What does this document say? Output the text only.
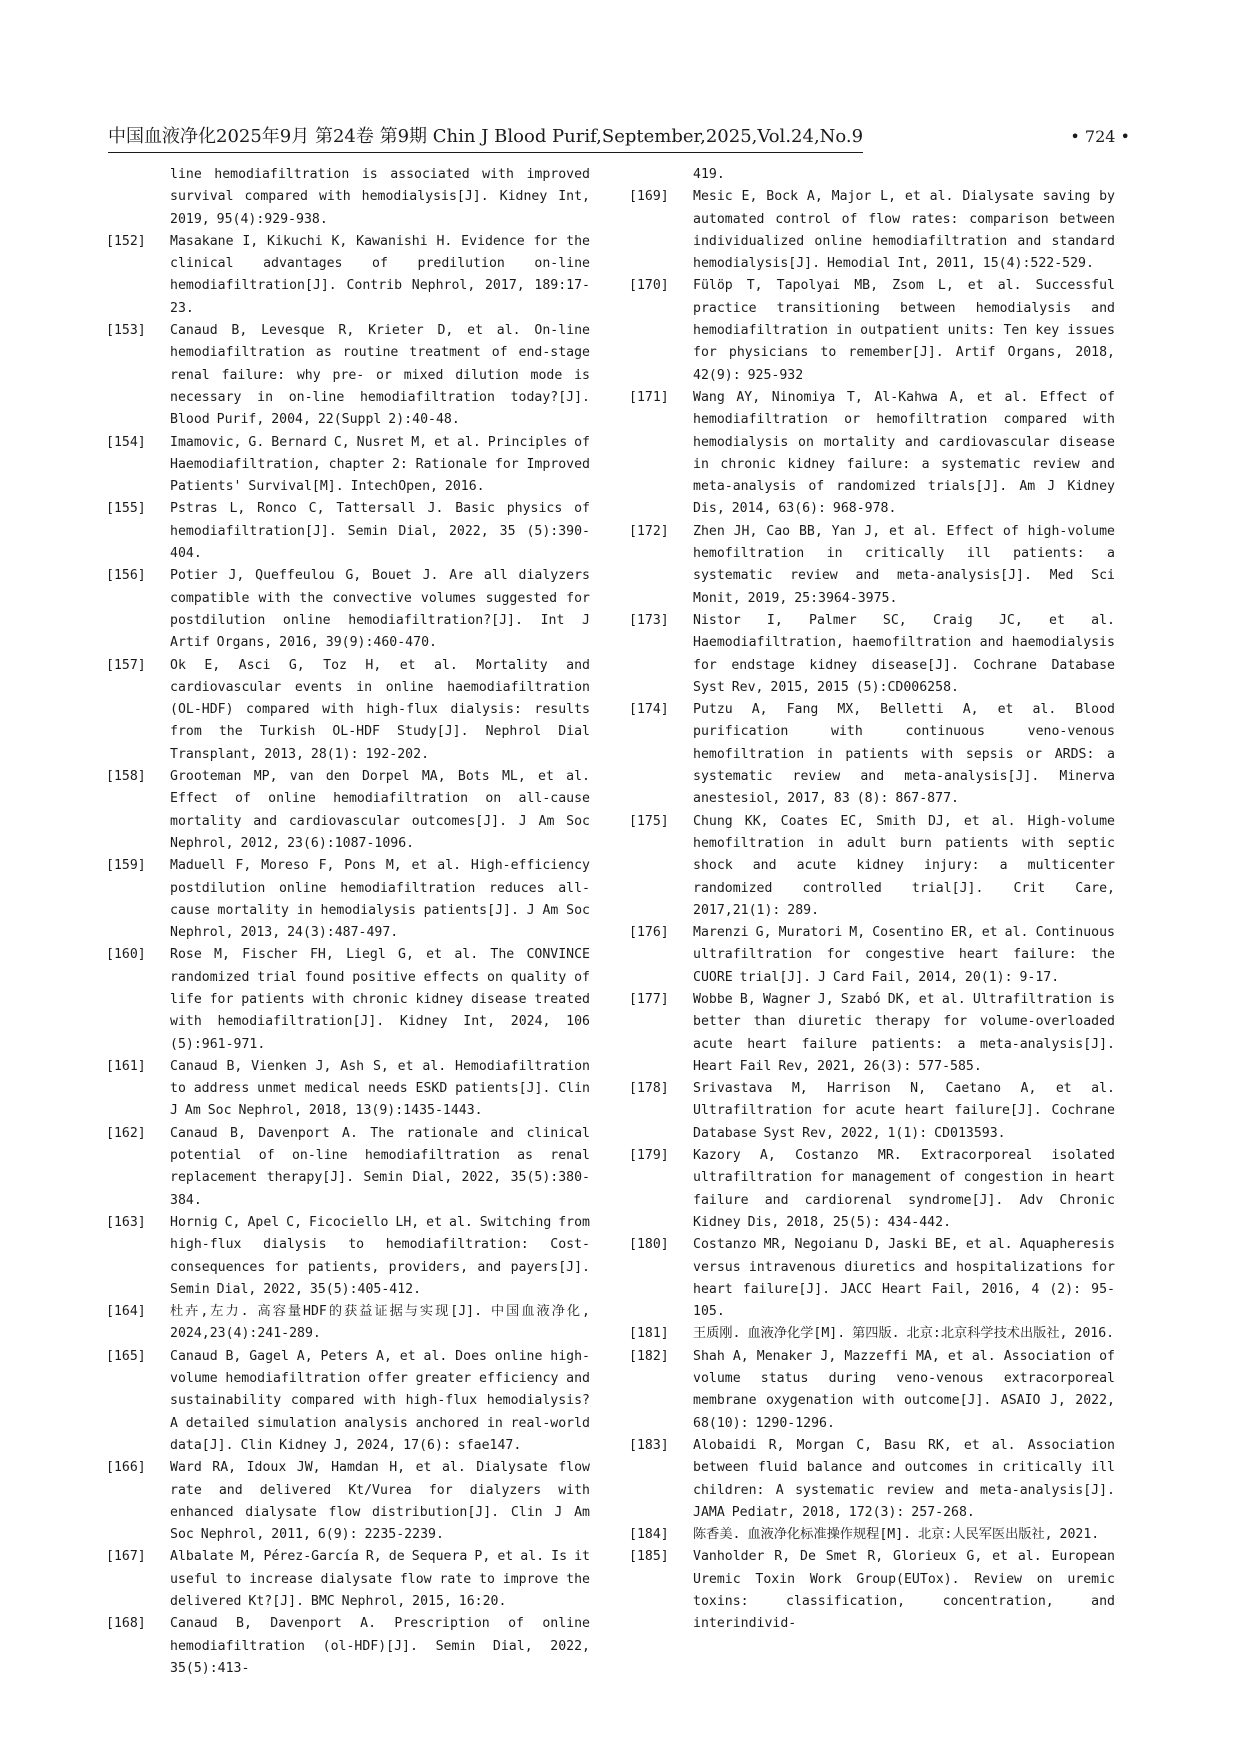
中国血液净化2025年9月 第24卷 第9期 Chin J Blood Purif,September,2025,Vol.24,No.9	• 724 •
line hemodiafiltration is associated with improved survival compared with hemodialysis[J]. Kidney Int, 2019, 95(4):929-938.
[152] Masakane I, Kikuchi K, Kawanishi H. Evidence for the clinical advantages of predilution on-line hemodiafiltration[J]. Contrib Nephrol, 2017, 189:17-23.
[153] Canaud B, Levesque R, Krieter D, et al. On-line hemodiafiltration as routine treatment of end-stage renal failure: why pre- or mixed dilution mode is necessary in on-line hemodiafiltration today?[J]. Blood Purif, 2004, 22(Suppl 2):40-48.
[154] Imamovic, G. Bernard C, Nusret M, et al. Principles of Haemodiafiltration, chapter 2: Rationale for Improved Patients' Survival[M]. IntechOpen, 2016.
[155] Pstras L, Ronco C, Tattersall J. Basic physics of hemodiafiltration[J]. Semin Dial, 2022, 35 (5):390-404.
[156] Potier J, Queffeulou G, Bouet J. Are all dialyzers compatible with the convective volumes suggested for postdilution online hemodiafiltration?[J]. Int J Artif Organs, 2016, 39(9):460-470.
[157] Ok E, Asci G, Toz H, et al. Mortality and cardiovascular events in online haemodiafiltration (OL-HDF) compared with high-flux dialysis: results from the Turkish OL-HDF Study[J]. Nephrol Dial Transplant, 2013, 28(1): 192-202.
[158] Grooteman MP, van den Dorpel MA, Bots ML, et al. Effect of online hemodiafiltration on all-cause mortality and cardiovascular outcomes[J]. J Am Soc Nephrol, 2012, 23(6):1087-1096.
[159] Maduell F, Moreso F, Pons M, et al. High-efficiency postdilution online hemodiafiltration reduces all-cause mortality in hemodialysis patients[J]. J Am Soc Nephrol, 2013, 24(3):487-497.
[160] Rose M, Fischer FH, Liegl G, et al. The CONVINCE randomized trial found positive effects on quality of life for patients with chronic kidney disease treated with hemodiafiltration[J]. Kidney Int, 2024, 106 (5):961-971.
[161] Canaud B, Vienken J, Ash S, et al. Hemodiafiltration to address unmet medical needs ESKD patients[J]. Clin J Am Soc Nephrol, 2018, 13(9):1435-1443.
[162] Canaud B, Davenport A. The rationale and clinical potential of on-line hemodiafiltration as renal replacement therapy[J]. Semin Dial, 2022, 35(5):380-384.
[163] Hornig C, Apel C, Ficociello LH, et al. Switching from high-flux dialysis to hemodiafiltration: Cost-consequences for patients, providers, and payers[J]. Semin Dial, 2022, 35(5):405-412.
[164] 杜卉,左力. 高容量HDF的获益证据与实现[J]. 中国血液净化, 2024,23(4):241-289.
[165] Canaud B, Gagel A, Peters A, et al. Does online high-volume hemodiafiltration offer greater efficiency and sustainability compared with high-flux hemodialysis? A detailed simulation analysis anchored in real-world data[J]. Clin Kidney J, 2024, 17(6): sfae147.
[166] Ward RA, Idoux JW, Hamdan H, et al. Dialysate flow rate and delivered Kt/Vurea for dialyzers with enhanced dialysate flow distribution[J]. Clin J Am Soc Nephrol, 2011, 6(9): 2235-2239.
[167] Albalate M, Pérez-García R, de Sequera P, et al. Is it useful to increase dialysate flow rate to improve the delivered Kt?[J]. BMC Nephrol, 2015, 16:20.
[168] Canaud B, Davenport A. Prescription of online hemodiafiltration (ol-HDF)[J]. Semin Dial, 2022, 35(5):413-
419.
[169] Mesic E, Bock A, Major L, et al. Dialysate saving by automated control of flow rates: comparison between individualized online hemodiafiltration and standard hemodialysis[J]. Hemodial Int, 2011, 15(4):522-529.
[170] Fülöp T, Tapolyai MB, Zsom L, et al. Successful practice transitioning between hemodialysis and hemodiafiltration in outpatient units: Ten key issues for physicians to remember[J]. Artif Organs, 2018, 42(9): 925-932
[171] Wang AY, Ninomiya T, Al-Kahwa A, et al. Effect of hemodiafiltration or hemofiltration compared with hemodialysis on mortality and cardiovascular disease in chronic kidney failure: a systematic review and meta-analysis of randomized trials[J]. Am J Kidney Dis, 2014, 63(6): 968-978.
[172] Zhen JH, Cao BB, Yan J, et al. Effect of high-volume hemofiltration in critically ill patients: a systematic review and meta-analysis[J]. Med Sci Monit, 2019, 25:3964-3975.
[173] Nistor I, Palmer SC, Craig JC, et al. Haemodiafiltration, haemofiltration and haemodialysis for endstage kidney disease[J]. Cochrane Database Syst Rev, 2015, 2015 (5):CD006258.
[174] Putzu A, Fang MX, Belletti A, et al. Blood purification with continuous veno-venous hemofiltration in patients with sepsis or ARDS: a systematic review and meta-analysis[J]. Minerva anestesiol, 2017, 83 (8): 867-877.
[175] Chung KK, Coates EC, Smith DJ, et al. High-volume hemofiltration in adult burn patients with septic shock and acute kidney injury: a multicenter randomized controlled trial[J]. Crit Care, 2017,21(1): 289.
[176] Marenzi G, Muratori M, Cosentino ER, et al. Continuous ultrafiltration for congestive heart failure: the CUORE trial[J]. J Card Fail, 2014, 20(1): 9-17.
[177] Wobbe B, Wagner J, Szabó DK, et al. Ultrafiltration is better than diuretic therapy for volume-overloaded acute heart failure patients: a meta-analysis[J]. Heart Fail Rev, 2021, 26(3): 577-585.
[178] Srivastava M, Harrison N, Caetano A, et al. Ultrafiltration for acute heart failure[J]. Cochrane Database Syst Rev, 2022, 1(1): CD013593.
[179] Kazory A, Costanzo MR. Extracorporeal isolated ultrafiltration for management of congestion in heart failure and cardiorenal syndrome[J]. Adv Chronic Kidney Dis, 2018, 25(5): 434-442.
[180] Costanzo MR, Negoianu D, Jaski BE, et al. Aquapheresis versus intravenous diuretics and hospitalizations for heart failure[J]. JACC Heart Fail, 2016, 4 (2): 95-105.
[181] 王质刚. 血液净化学[M]. 第四版. 北京:北京科学技术出版社, 2016.
[182] Shah A, Menaker J, Mazzeffi MA, et al. Association of volume status during veno-venous extracorporeal membrane oxygenation with outcome[J]. ASAIO J, 2022, 68(10): 1290-1296.
[183] Alobaidi R, Morgan C, Basu RK, et al. Association between fluid balance and outcomes in critically ill children: A systematic review and meta-analysis[J]. JAMA Pediatr, 2018, 172(3): 257-268.
[184] 陈香美. 血液净化标准操作规程[M]. 北京:人民军医出版社, 2021.
[185] Vanholder R, De Smet R, Glorieux G, et al. European Uremic Toxin Work Group(EUTox). Review on uremic toxins: classification, concentration, and interindivid-
